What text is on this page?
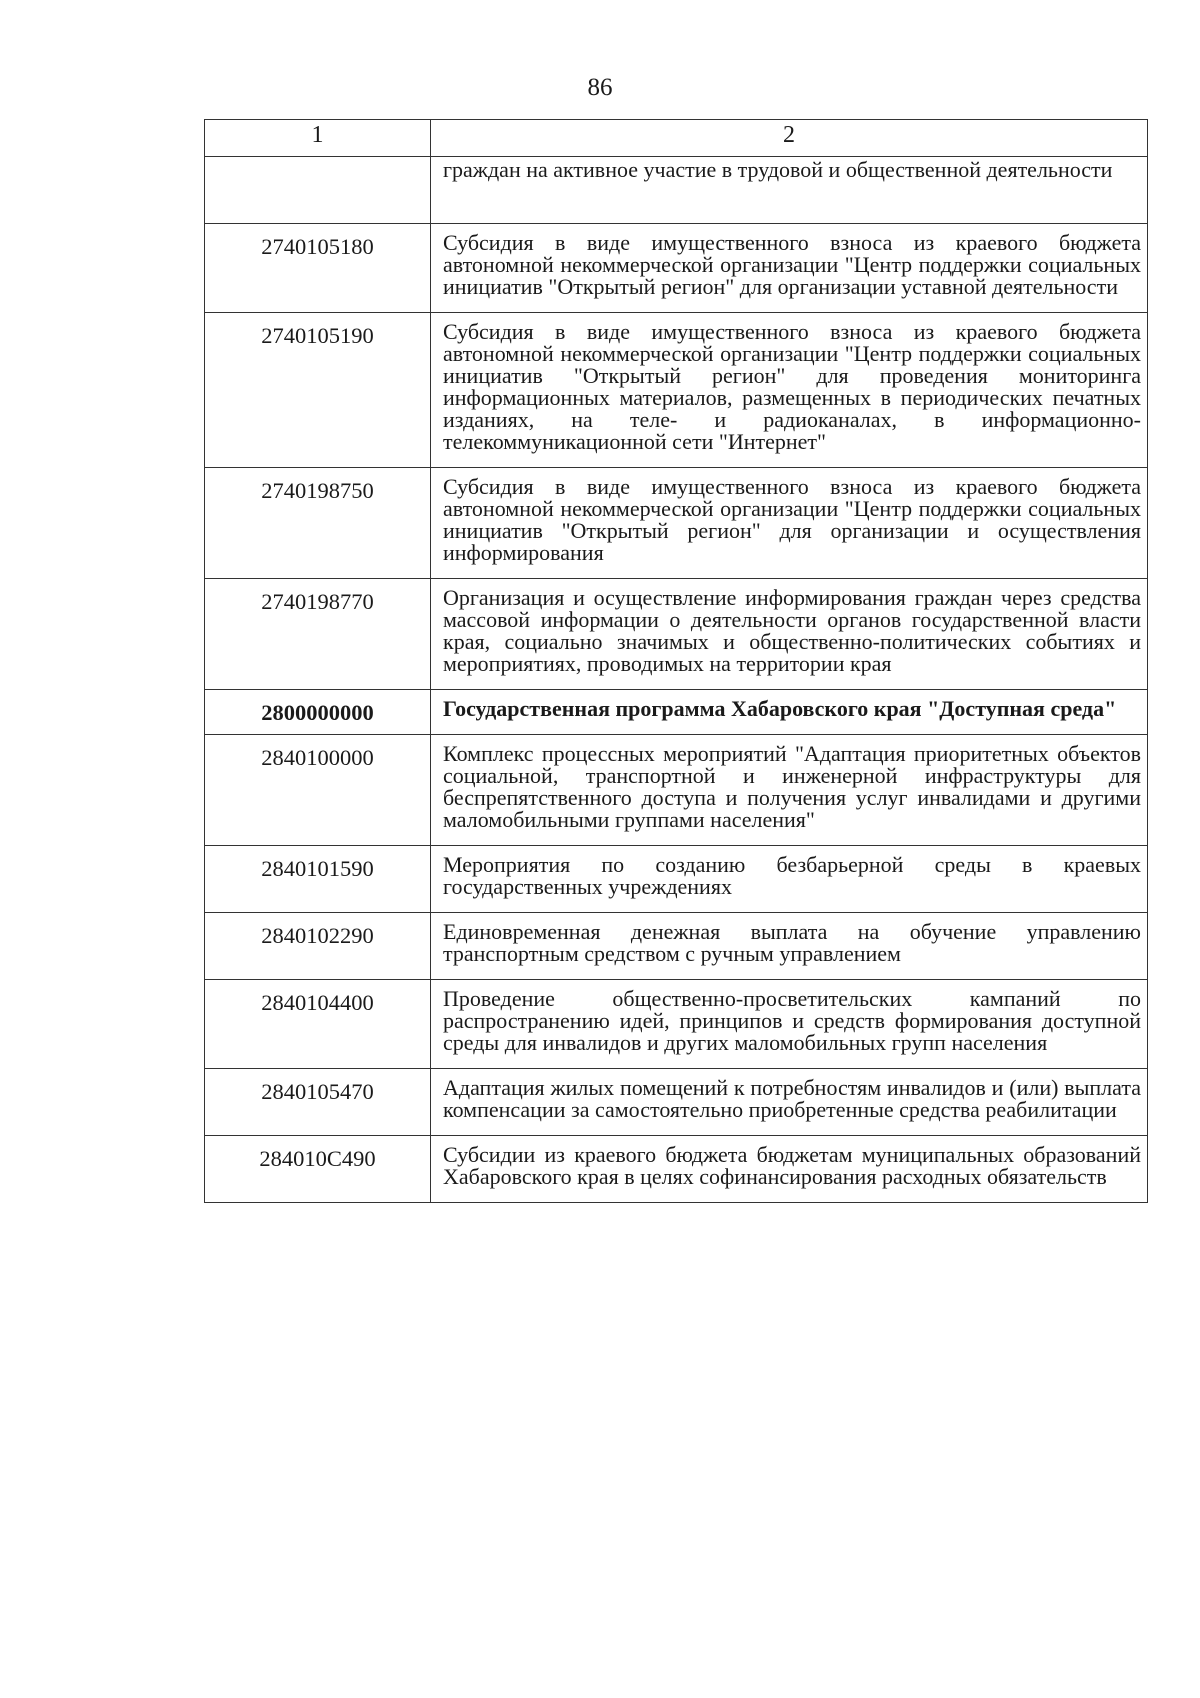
86
1	2
	граждан на активное участие в трудовой и общественной деятельности
2740105180	Субсидия в виде имущественного взноса из краевого бюджета автономной некоммерческой организации "Центр поддержки социальных инициатив "Открытый регион" для организации уставной деятельности
2740105190	Субсидия в виде имущественного взноса из краевого бюджета автономной некоммерческой организации "Центр поддержки социальных инициатив "Открытый регион" для проведения мониторинга информационных материалов, размещенных в периодических печатных изданиях, на теле- и радиоканалах, в информационно-телекоммуникационной сети "Интернет"
2740198750	Субсидия в виде имущественного взноса из краевого бюджета автономной некоммерческой организации "Центр поддержки социальных инициатив "Открытый регион" для организации и осуществления информирования
2740198770	Организация и осуществление информирования граждан через средства массовой информации о деятельности органов государственной власти края, социально значимых и общественно-политических событиях и мероприятиях, проводимых на территории края
2800000000	Государственная программа Хабаровского края "Доступная среда"
2840100000	Комплекс процессных мероприятий "Адаптация приоритетных объектов социальной, транспортной и инженерной инфраструктуры для беспрепятственного доступа и получения услуг инвалидами и другими маломобильными группами населения"
2840101590	Мероприятия по созданию безбарьерной среды в краевых государственных учреждениях
2840102290	Единовременная денежная выплата на обучение управлению транспортным средством с ручным управлением
2840104400	Проведение общественно-просветительских кампаний по распространению идей, принципов и средств формирования доступной среды для инвалидов и других маломобильных групп населения
2840105470	Адаптация жилых помещений к потребностям инвалидов и (или) выплата компенсации за самостоятельно приобретенные средства реабилитации
284010С490	Субсидии из краевого бюджета бюджетам муниципальных образований Хабаровского края в целях софинансирования расходных обязательств
